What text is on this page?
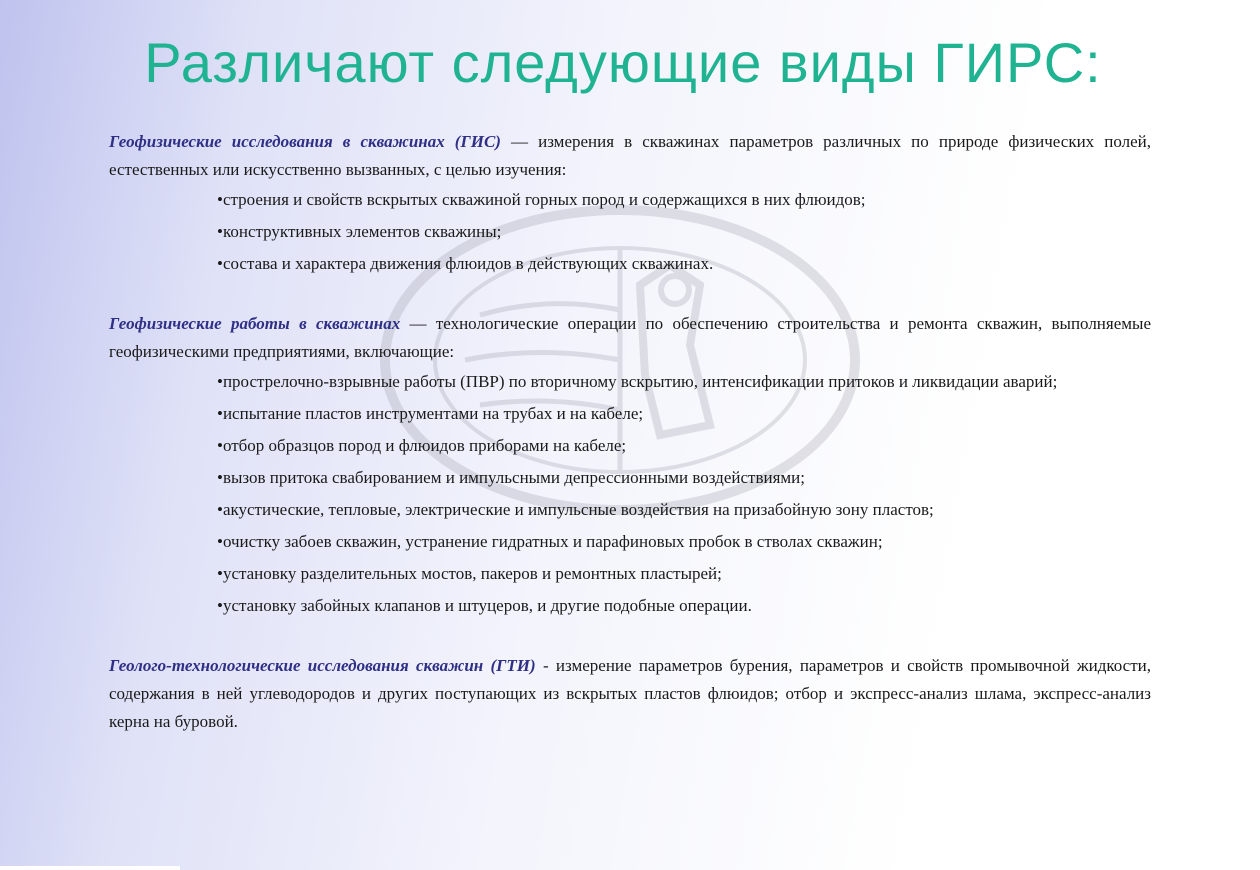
Различают следующие виды ГИРС:

Геофизические исследования в скважинах (ГИС) — измерения в скважинах параметров различных по природе физических полей, естественных или искусственно вызванных, с целью изучения:

•строения и свойств вскрытых скважиной горных пород и содержащихся в них флюидов;
•конструктивных элементов скважины;
•состава и характера движения флюидов в действующих скважинах.

Геофизические работы в скважинах — технологические операции по обеспечению строительства и ремонта скважин, выполняемые геофизическими предприятиями, включающие:

•прострелочно-взрывные работы (ПВР) по вторичному вскрытию, интенсификации притоков и ликвидации аварий;
•испытание пластов инструментами на трубах и на кабеле;
•отбор образцов пород и флюидов приборами на кабеле;
•вызов притока свабированием и импульсными депрессионными воздействиями;
•акустические, тепловые, электрические и импульсные воздействия на призабойную зону пластов;
•очистку забоев скважин, устранение гидратных и парафиновых пробок в стволах скважин;
•установку разделительных мостов, пакеров и ремонтных пластырей;
•установку забойных клапанов и штуцеров, и другие подобные операции.

Геолого-технологические исследования скважин (ГТИ) - измерение параметров бурения, параметров и свойств промывочной жидкости, содержания в ней углеводородов и других поступающих из вскрытых пластов флюидов; отбор и экспресс-анализ шлама, экспресс-анализ керна на буровой.
